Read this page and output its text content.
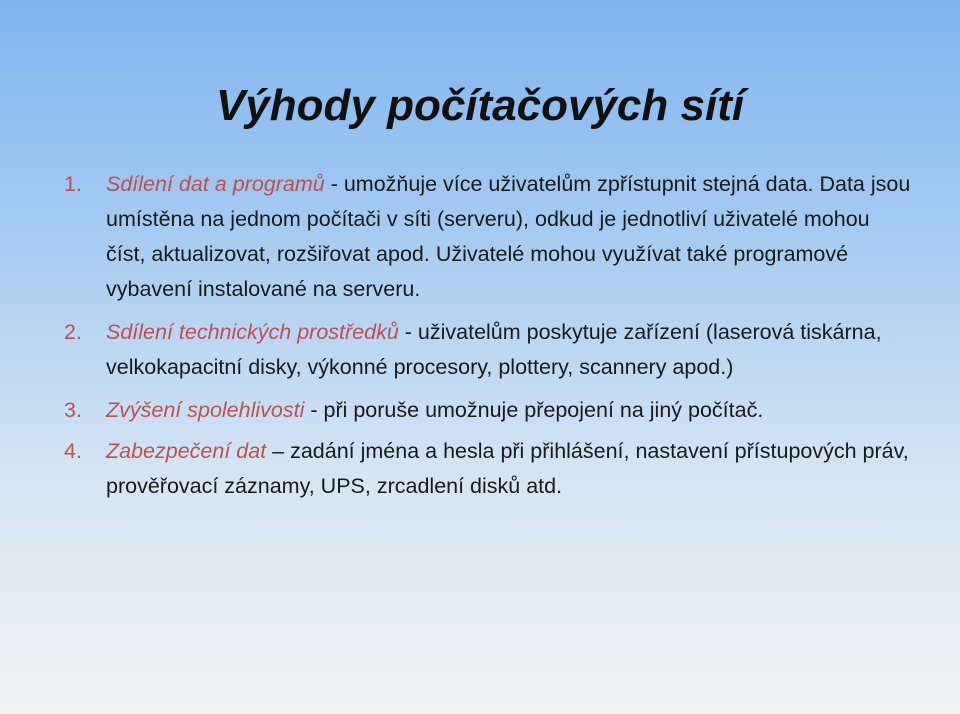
Výhody počítačových sítí
1. Sdílení dat a programů - umožňuje více uživatelům zpřístupnit stejná data. Data jsou umístěna na jednom počítači v síti (serveru), odkud je jednotliví uživatelé mohou číst, aktualizovat, rozšiřovat apod. Uživatelé mohou využívat také programové vybavení instalované na serveru.
2. Sdílení technických prostředků - uživatelům poskytuje zařízení (laserová tiskárna, velkokapacitní disky, výkonné procesory, plottery, scannery apod.)
3. Zvýšení spolehlivosti - při poruše umožnuje přepojení na jiný počítač.
4. Zabezpečení dat – zadání jména a hesla při přihlášení, nastavení přístupových práv, prověřovací záznamy, UPS, zrcadlení disků atd.
